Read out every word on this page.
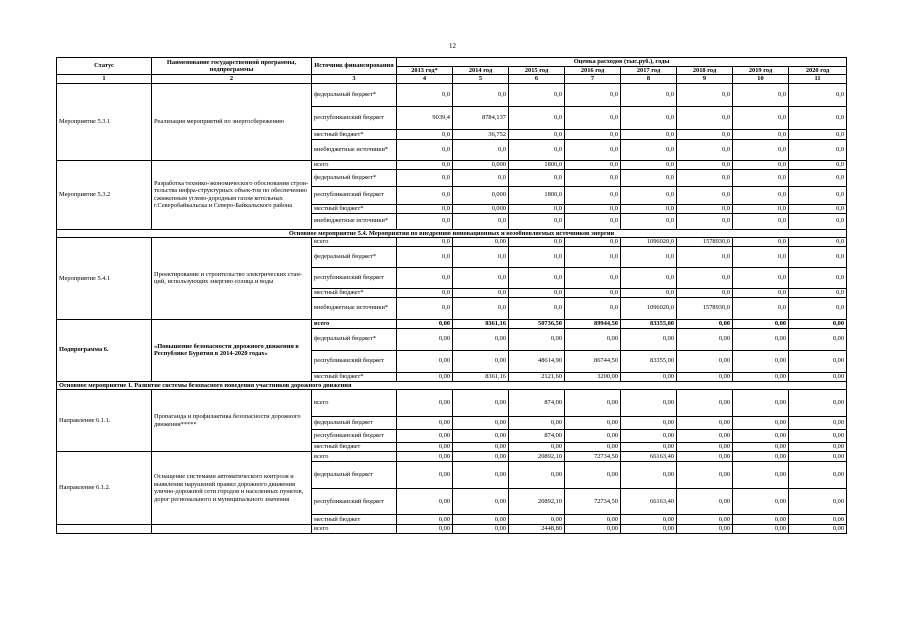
12
Статус	Наименование государственной программы, подпрограммы	Источник финансирования	Оценка расходов (тыс.руб.), годы							
			2013 год*	2014 год	2015 год	2016 год	2017 год	2018 год	2019 год	2020 год
1	2	3	4	5	6	7	8	9	10	11
Мероприятие 5.3.1	Реализация мероприятий по энергосбережению	федеральный бюджет*	0,0	0,0	0,0	0,0	0,0	0,0	0,0	0,0
		республиканский бюджет	9039,4	8784,137	0,0	0,0	0,0	0,0	0,0	0,0
		местный бюджет*	0,0	36,752	0,0	0,0	0,0	0,0	0,0	0,0
		внебюджетные источники*	0,0	0,0	0,0	0,0	0,0	0,0	0,0	0,0
Мероприятие 5.3.2	Разработка технико-экономического обоснования строи-тельства инфра-структурных объек-тов по обеспечению сжиженным углево-дородным газом котельных г.Северобайкальска и Северо-Байкальского района	всего	0,0	0,000	1800,0	0,0	0,0	0,0	0,0	0,0
		федеральный бюджет*	0,0	0,0	0,0	0,0	0,0	0,0	0,0	0,0
		республиканский бюджет	0,0	0,000	1800,0	0,0	0,0	0,0	0,0	0,0
		местный бюджет*	0,0	0,000	0,0	0,0	0,0	0,0	0,0	0,0
		внебюджетные источники*	0,0	0,0	0,0	0,0	0,0	0,0	0,0	0,0
Основное мероприятие 5.4. Мероприятия по внедрению инновационных и возобновляемых источников энергии										
Мероприятие 5.4.1	Проектирование и строительство электрических стан-ций, использующих энергию солнца и воды	всего	0,0	0,00	0,0	0,0	1096020,0	1578930,0	0,0	0,0
		федеральный бюджет*	0,0	0,0	0,0	0,0	0,0	0,0	0,0	0,0
		республиканский бюджет	0,0	0,0	0,0	0,0	0,0	0,0	0,0	0,0
		местный бюджет*	0,0	0,0	0,0	0,0	0,0	0,0	0,0	0,0
		внебюджетные источники*	0,0	0,0	0,0	0,0	1096020,0	1578930,0	0,0	0,0
Подпрограмма 6.	«Повышение безопасности дорожного движения в Республике Бурятия в 2014-2020 годах»	всего	0,00	8361,16	50736,50	89944,50	83355,00	0,00	0,00	0,00
		федеральный бюджет*	0,00	0,00	0,00	0,00	0,00	0,00	0,00	0,00
		республиканский бюджет	0,00	0,00	48614,90	86744,50	83355,00	0,00	0,00	0,00
		местный бюджет*	0,00	8361,16	2121,60	3200,00	0,00	0,00	0,00	0,00
Основное мероприятие 1. Развитие системы безопасного поведения участников дорожного движения										
Направление 6.1.1.	Пропаганда и профилактика безопасности дорожного движения*****	всего	0,00	0,00	874,00	0,00	0,00	0,00	0,00	0,00
		федеральный бюджет	0,00	0,00	0,00	0,00	0,00	0,00	0,00	0,00
		республиканский бюджет	0,00	0,00	874,00	0,00	0,00	0,00	0,00	0,00
		местный бюджет	0,00	0,00	0,00	0,00	0,00	0,00	0,00	0,00
Направление 6.1.2.	Оснащение системами автоматического контроля и выявления нарушений правил дорожного движения улично-дорожной сети городов и населенных пунктов, дорог регионального и муниципального значения	всего	0,00	0,00	20892,10	72734,50	66163,40	0,00	0,00	0,00
		федеральный бюджет	0,00	0,00	0,00	0,00	0,00	0,00	0,00	0,00
		республиканский бюджет	0,00	0,00	20892,10	72734,50	66163,40	0,00	0,00	0,00
		местный бюджет	0,00	0,00	0,00	0,00	0,00	0,00	0,00	0,00
		всего	0,00	0,00	2448,80	0,00	0,00	0,00	0,00	0,00
